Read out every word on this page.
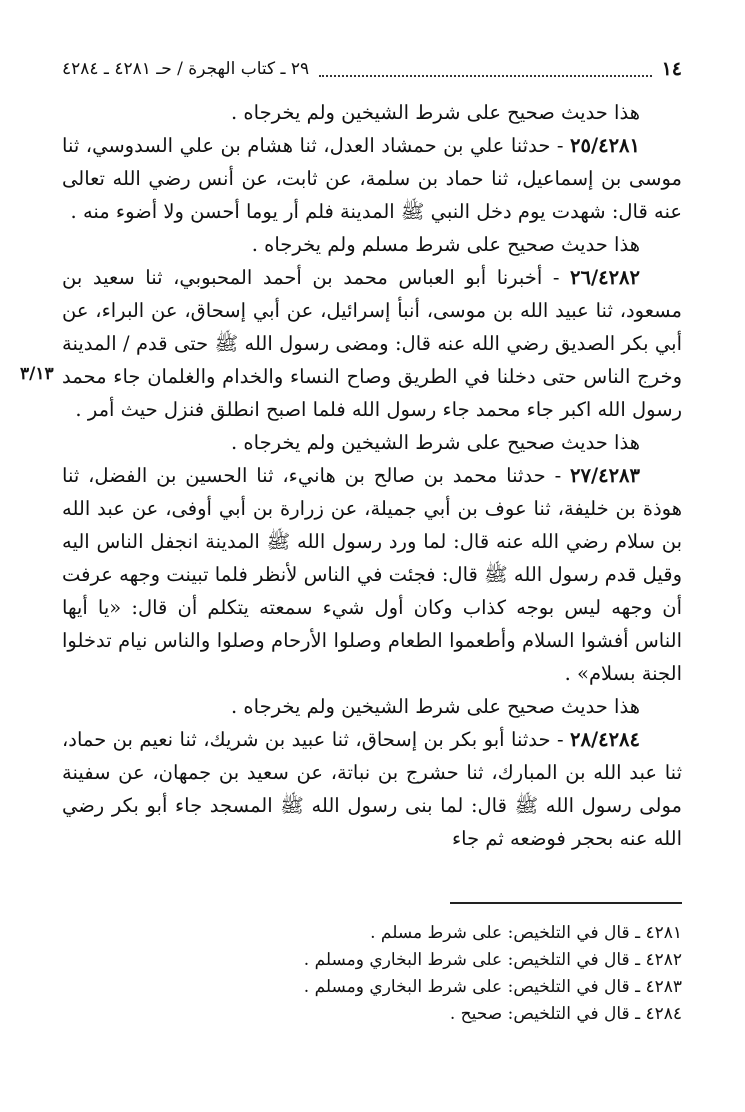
١٤
٢٩ ـ كتاب الهجرة / حـ ٤٢٨١ ـ ٤٢٨٤

هذا حديث صحيح على شرط الشيخين ولم يخرجاه .

٢٥/٤٢٨١ - حدثنا علي بن حمشاد العدل، ثنا هشام بن علي السدوسي، ثنا موسى بن إسماعيل، ثنا حماد بن سلمة، عن ثابت، عن أنس رضي الله تعالى عنه قال: شهدت يوم دخل النبي ﷺ المدينة فلم أر يوما أحسن ولا أضوء منه .

هذا حديث صحيح على شرط مسلم ولم يخرجاه .

٢٦/٤٢٨٢ - أخبرنا أبو العباس محمد بن أحمد المحبوبي، ثنا سعيد بن مسعود، ثنا عبيد الله بن موسى، أنبأ إسرائيل، عن أبي إسحاق، عن البراء، عن أبي بكر الصديق رضي الله عنه قال: ومضى رسول الله ﷺ حتى قدم / المدينة وخرج الناس حتى دخلنا في الطريق وصاح النساء والخدام والغلمان جاء محمد رسول الله اكبر جاء محمد جاء رسول الله فلما اصبح انطلق فنزل حيث أمر .

هذا حديث صحيح على شرط الشيخين ولم يخرجاه .

٢٧/٤٢٨٣ - حدثنا محمد بن صالح بن هانيء، ثنا الحسين بن الفضل، ثنا هوذة بن خليفة، ثنا عوف بن أبي جميلة، عن زرارة بن أبي أوفى، عن عبد الله بن سلام رضي الله عنه قال: لما ورد رسول الله ﷺ المدينة انجفل الناس اليه وقيل قدم رسول الله ﷺ قال: فجئت في الناس لأنظر فلما تبينت وجهه عرفت أن وجهه ليس بوجه كذاب وكان أول شيء سمعته يتكلم أن قال: «يا أيها الناس أفشوا السلام وأطعموا الطعام وصلوا الأرحام وصلوا والناس نيام تدخلوا الجنة بسلام» .

هذا حديث صحيح على شرط الشيخين ولم يخرجاه .

٢٨/٤٢٨٤ - حدثنا أبو بكر بن إسحاق، ثنا عبيد بن شريك، ثنا نعيم بن حماد، ثنا عبد الله بن المبارك، ثنا حشرج بن نباتة، عن سعيد بن جمهان، عن سفينة مولى رسول الله ﷺ قال: لما بنى رسول الله ﷺ المسجد جاء أبو بكر رضي الله عنه بحجر فوضعه ثم جاء

٣/١٣

٤٢٨١ ـ قال في التلخيص: على شرط مسلم .

٤٢٨٢ ـ قال في التلخيص: على شرط البخاري ومسلم .

٤٢٨٣ ـ قال في التلخيص: على شرط البخاري ومسلم .

٤٢٨٤ ـ قال في التلخيص: صحيح .
